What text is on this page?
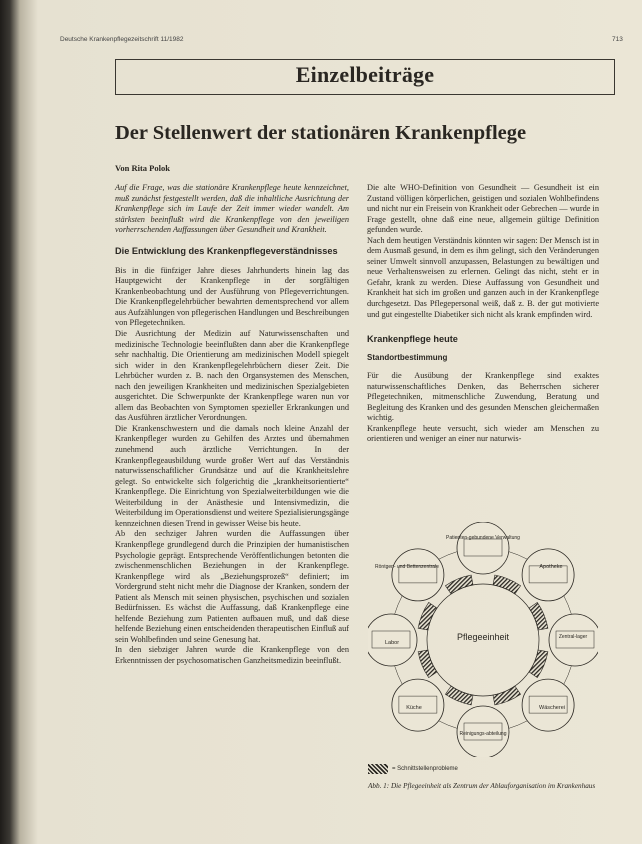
Deutsche Krankenpflegezeitschrift 11/1982	713
Einzelbeiträge
Der Stellenwert der stationären Krankenpflege
Von Rita Polok

Auf die Frage, was die stationäre Krankenpflege heute kennzeichnet, muß zunächst festgestellt werden, daß die inhaltliche Ausrichtung der Krankenpflege sich im Laufe der Zeit immer wieder wandelt. Am stärksten beeinflußt wird die Krankenpflege von den jeweiligen vorherrschenden Auffassungen über Gesundheit und Krankheit.

Die Entwicklung des Krankenpflegeverständnisses

Bis in die fünfziger Jahre dieses Jahrhunderts hinein lag das Hauptgewicht der Krankenpflege in der sorgfältigen Krankenbeobachtung und der Ausführung von Pflegeverrichtungen. Die Krankenpflegelehrbücher bewahrten dementsprechend vor allem aus Aufzählungen von pflegerischen Handlungen und Beschreibungen von Pflegetechniken.

Die Ausrichtung der Medizin auf Naturwissenschaften und medizinische Technologie beeinflußten dann aber die Krankenpflege sehr nachhaltig. Die Orientierung am medizinischen Modell spiegelt sich wider in den Krankenpflegelehrbüchern dieser Zeit. Die Lehrbücher wurden z. B. nach den Organsystemen des Menschen, nach den jeweiligen Krankheiten und medizinischen Spezialgebieten ausgerichtet. Die Schwerpunkte der Krankenpflege waren nun vor allem das Beobachten von Symptomen spezieller Erkrankungen und das Ausführen ärztlicher Verordnungen.

Die Krankenschwestern und die damals noch kleine Anzahl der Krankenpfleger wurden zu Gehilfen des Arztes und übernahmen zunehmend auch ärztliche Verrichtungen. In der Krankenpflegeausbildung wurde großer Wert auf das Verständnis naturwissenschaftlicher Grundsätze und auf die Krankheitslehre gelegt. So entwickelte sich folgerichtig die „krankheitsorientierte“ Krankenpflege. Die Einrichtung von Spezialweiterbildungen wie die Weiterbildung in der Anästhesie und Intensivmedizin, die Weiterbildung im Operationsdienst und weitere Spezialisierungsgänge kennzeichnen diesen Trend in gewisser Weise bis heute.

Ab den sechziger Jahren wurden die Auffassungen über Krankenpflege grundlegend durch die Prinzipien der humanistischen Psychologie geprägt. Entsprechende Veröffentlichungen betonten die zwischenmenschlichen Beziehungen in der Krankenpflege. Krankenpflege wird als „Beziehungsprozeß“ definiert; im Vordergrund steht nicht mehr die Diagnose der Kranken, sondern der Patient als Mensch mit seinen physischen, psychischen und sozialen Bedürfnissen. Es wächst die Auffassung, daß Krankenpflege eine helfende Beziehung zum Patienten aufbauen muß, und daß diese helfende Beziehung einen entscheidenden therapeutischen Einfluß auf sein Wohlbefinden und seine Genesung hat.

In den siebziger Jahren wurde die Krankenpflege von den Erkenntnissen der psychosomatischen Ganzheitsmedizin beeinflußt.

Die alte WHO-Definition von Gesundheit — Gesundheit ist ein Zustand völligen körperlichen, geistigen und sozialen Wohlbefindens und nicht nur ein Freisein von Krankheit oder Gebrechen — wurde in Frage gestellt, ohne daß eine neue, allgemein gültige Definition gefunden wurde.

Nach dem heutigen Verständnis könnten wir sagen: Der Mensch ist in dem Ausmaß gesund, in dem es ihm gelingt, sich den Veränderungen seiner Umwelt sinnvoll anzupassen, Belastungen zu bewältigen und neue Verhaltensweisen zu erlernen. Gelingt das nicht, steht er in Gefahr, krank zu werden. Diese Auffassung von Gesundheit und Krankheit hat sich im großen und ganzen auch in der Krankenpflege durchgesetzt. Das Pflegepersonal weiß, daß z. B. der gut motivierte und gut eingestellte Diabetiker sich nicht als krank empfinden wird.

Krankenpflege heute
Standortbestimmung

Für die Ausübung der Krankenpflege sind exaktes naturwissenschaftliches Denken, das Beherrschen sicherer Pflegetechniken, mitmenschliche Zuwendung, Beratung und Begleitung des Kranken und des gesunden Menschen gleichermaßen wichtig.

Krankenpflege heute versucht, sich wieder am Menschen zu orientieren und weniger an einer nur naturwis-

Pflegeeinheit
Patienten-gebundene Verwaltung
Apotheke
Zentral-lager
Wäscherei
Reinigungs-abteilung
Küche
Labor
Röntgen- und Bettenzentrale
= Schnittstellenprobleme
Abb. 1: Die Pflegeeinheit als Zentrum der Ablauforganisation im Krankenhaus
